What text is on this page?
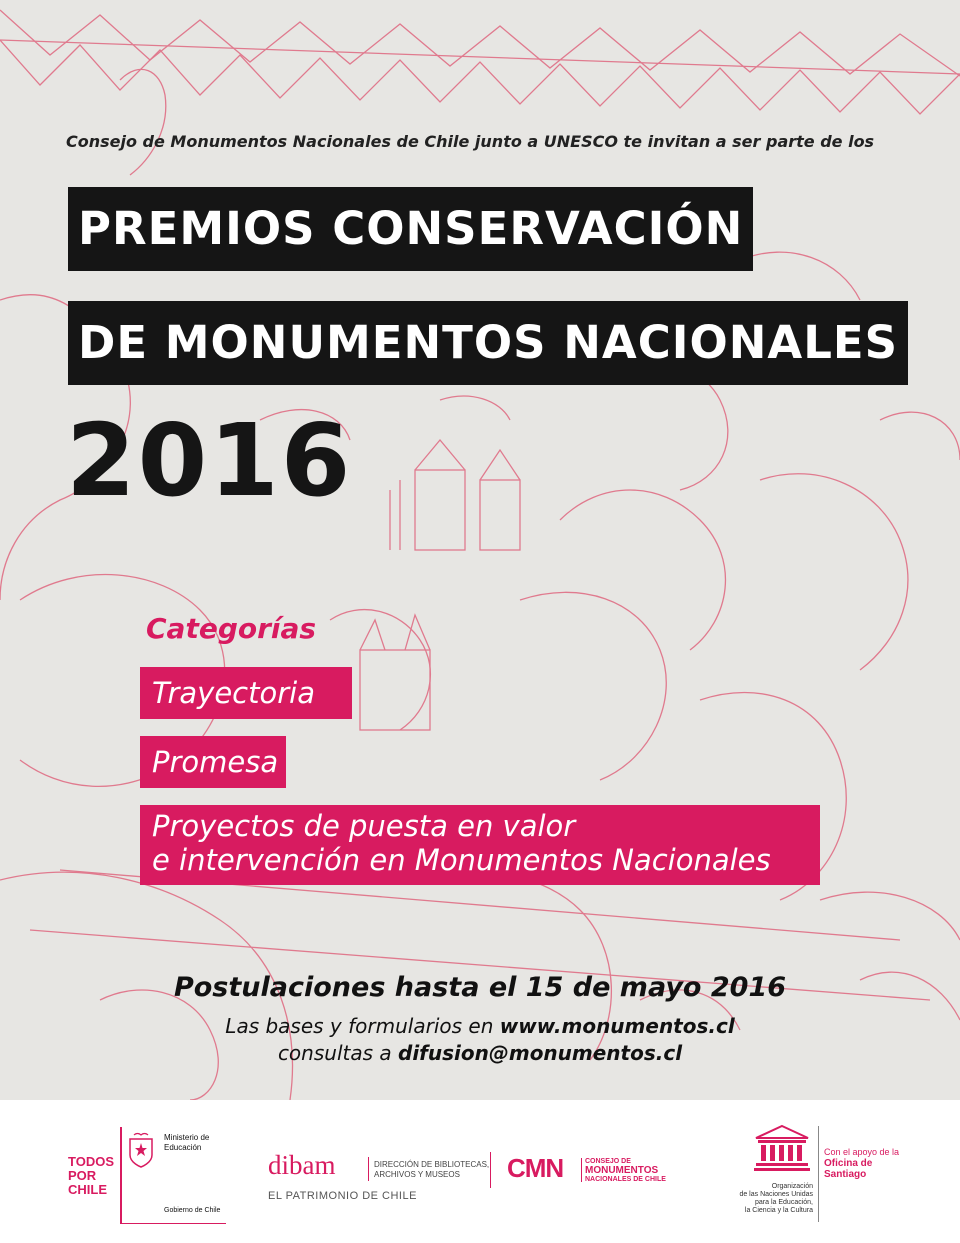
Consejo de Monumentos Nacionales de Chile junto a UNESCO te invitan a ser parte de los
PREMIOS CONSERVACIÓN
DE MONUMENTOS NACIONALES
2016
Categorías
Trayectoria
Promesa
Proyectos de puesta en valor
e intervención en Monumentos Nacionales
Postulaciones hasta el 15 de mayo 2016
Las bases y formularios en www.monumentos.cl
consultas a difusion@monumentos.cl
TODOS
POR
CHILE
Ministerio de
Educación
Gobierno de Chile
dibam	DIRECCIÓN DE BIBLIOTECAS,
ARCHIVOS Y MUSEOS
EL PATRIMONIO DE CHILE
CMN	CONSEJO DE
MONUMENTOS
NACIONALES DE CHILE
Organización
de las Naciones Unidas
para la Educación,
la Ciencia y la Cultura
Con el apoyo de la
Oficina de
Santiago
